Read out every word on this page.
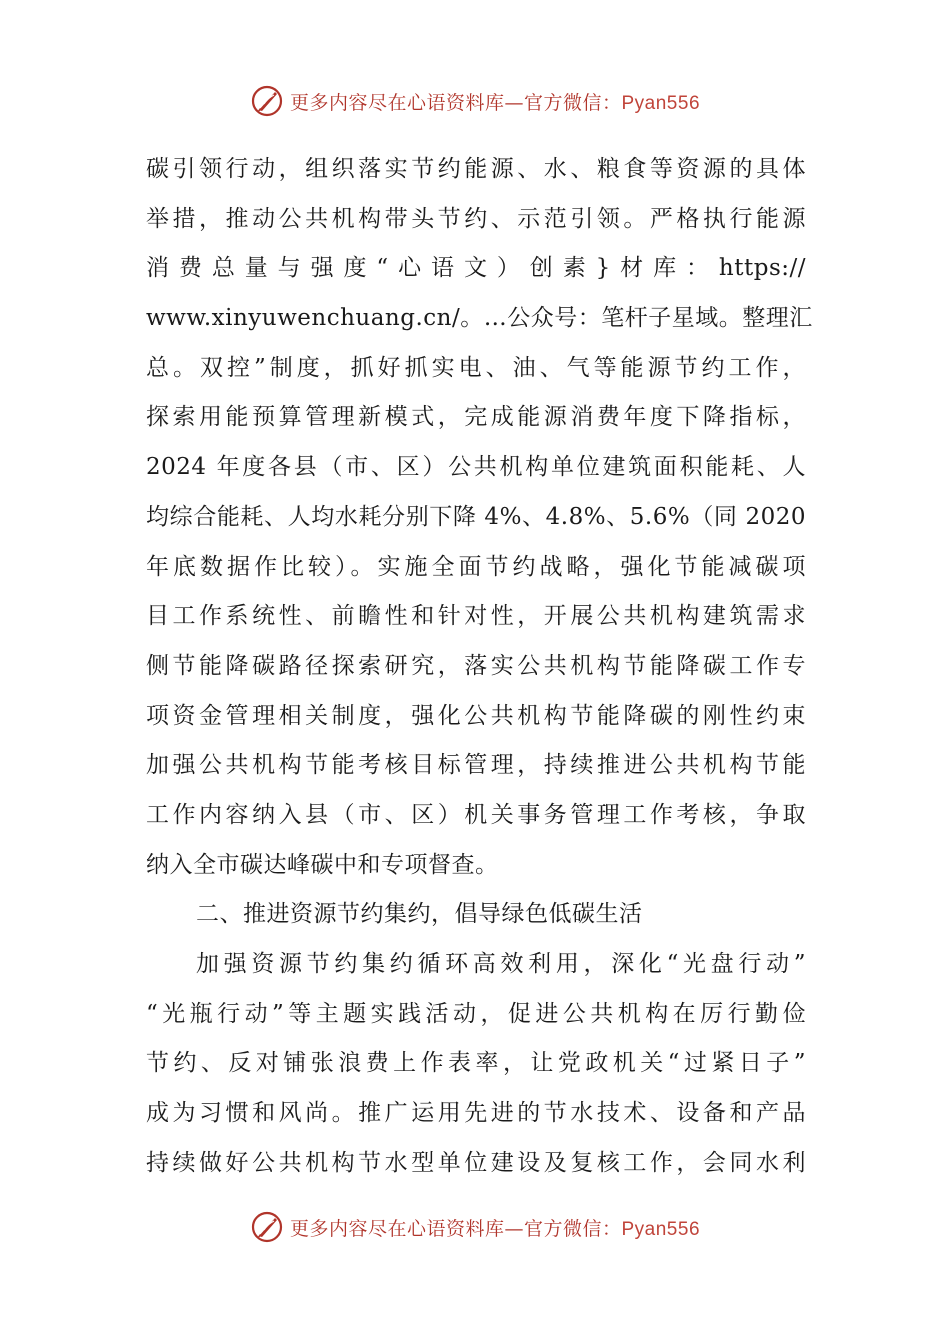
更多内容尽在心语资料库—官方微信：Pyan556
碳引领行动，组织落实节约能源、水、粮食等资源的具体
举措，推动公共机构带头节约、示范引领。严格执行能源
消费总量与强度“心语文）创素}材库：https://
www.xinyuwenchuang.cn/。…公众号：笔杆子星域。整理汇
总。双控”制度，抓好抓实电、油、气等能源节约工作，
探索用能预算管理新模式，完成能源消费年度下降指标，
2024 年度各县（市、区）公共机构单位建筑面积能耗、人
均综合能耗、人均水耗分别下降 4%、4.8%、5.6%（同 2020
年底数据作比较）。实施全面节约战略，强化节能减碳项
目工作系统性、前瞻性和针对性，开展公共机构建筑需求
侧节能降碳路径探索研究，落实公共机构节能降碳工作专
项资金管理相关制度，强化公共机构节能降碳的刚性约束
加强公共机构节能考核目标管理，持续推进公共机构节能
工作内容纳入县（市、区）机关事务管理工作考核，争取
纳入全市碳达峰碳中和专项督查。
二、推进资源节约集约，倡导绿色低碳生活
加强资源节约集约循环高效利用，深化“光盘行动”
“光瓶行动”等主题实践活动，促进公共机构在厉行勤俭
节约、反对铺张浪费上作表率，让党政机关“过紧日子”
成为习惯和风尚。推广运用先进的节水技术、设备和产品
持续做好公共机构节水型单位建设及复核工作，会同水利
更多内容尽在心语资料库—官方微信：Pyan556
